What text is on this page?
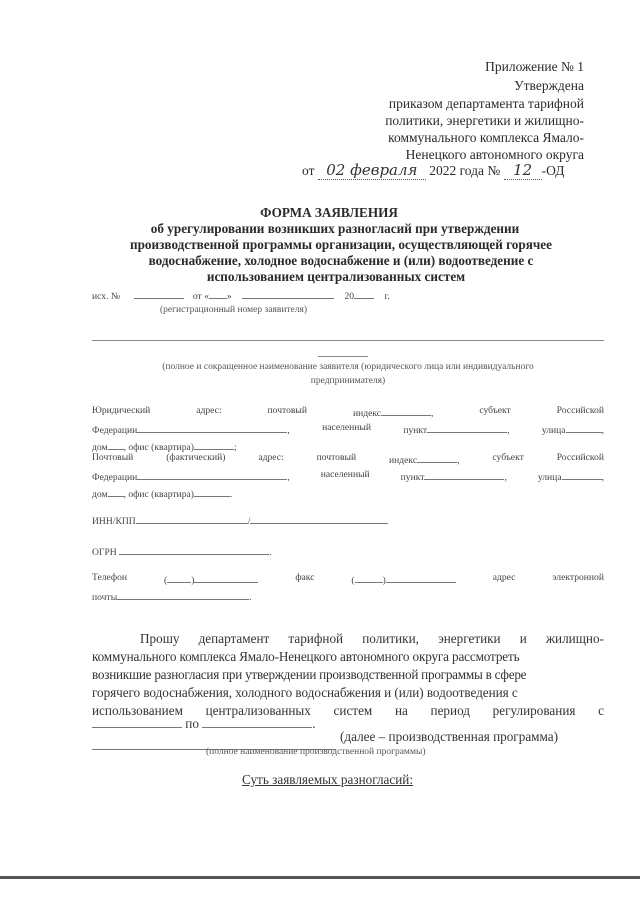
Приложение № 1
Утверждена
приказом департамента тарифной
политики, энергетики и жилищно-
коммунального комплекса Ямало-
Ненецкого автономного округа
от 02 февраля 2022 года № 12 -ОД
ФОРМА ЗАЯВЛЕНИЯ
об урегулировании возникших разногласий при утверждении
производственной программы организации, осуществляющей горячее
водоснабжение, холодное водоснабжение и (или) водоотведение с
использованием централизованных систем
исх. №	от « »	20	г.
(регистрационный номер заявителя)
(полное и сокращенное наименование заявителя (юридического лица или индивидуального
предпринимателя)
Юридический	адрес:	почтовый	индекс	,	субъект	Российской
Федерации	,	населенный	пункт	,	улица	,
дом , офис (квартира)	;
Почтовый	(фактический)	адрес:	почтовый	индекс	,	субъект	Российской
Федерации	,	населенный	пункт	,	улица	,
дом , офис (квартира)	.
ИНН/КПП	/
ОГРН	.
Телефон	(	)	факс	(	)	адрес	электронной
почты	.
Прошу департамент тарифной политики, энергетики и жилищно-
коммунального комплекса Ямало-Ненецкого автономного округа рассмотреть
возникшие разногласия при утверждении производственной программы в сфере
горячего водоснабжения, холодного водоснабжения и (или) водоотведения с
использованием централизованных систем на период регулирования с
по	.
(далее – производственная программа)
(полное наименование производственной программы)
Суть заявляемых разногласий:
